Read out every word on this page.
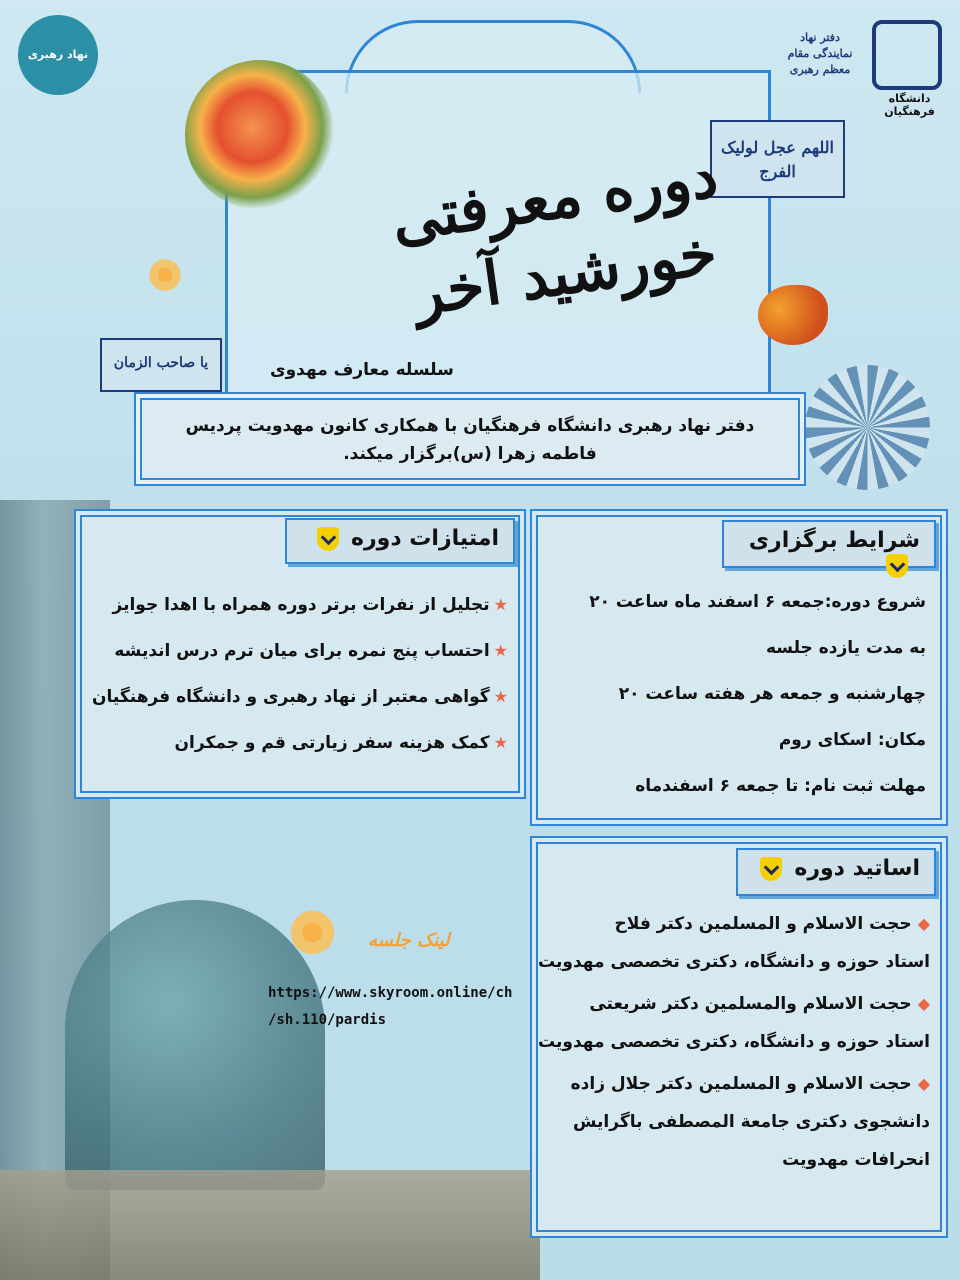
نهاد رهبری
دفتر نهاد نمایندگی مقام معظم رهبری
دانشگاه فرهنگیان
اللهم عجل لولیک الفرج
یا صاحب الزمان
دوره معرفتی خورشید آخر
سلسله معارف مهدوی
دفتر نهاد رهبری دانشگاه فرهنگیان با همکاری کانون مهدویت پردیس
فاطمه زهرا (س)برگزار میکند.
شروع دوره:جمعه ۶ اسفند ماه ساعت ۲۰
به مدت یازده جلسه
چهارشنبه و جمعه هر هفته ساعت ۲۰
مکان: اسکای روم
مهلت ثبت نام: تا جمعه ۶ اسفندماه
شرایط برگزاری
★تجلیل از نفرات برتر دوره همراه با اهدا جوایز
★احتساب پنج نمره برای میان ترم درس اندیشه
★گواهی معتبر از نهاد رهبری و دانشگاه فرهنگیان
★کمک هزینه سفر زیارتی قم و جمکران
امتیازات دوره
◆حجت الاسلام و المسلمین دکتر فلاح
استاد حوزه و دانشگاه، دکتری تخصصی مهدویت
◆حجت الاسلام والمسلمین دکتر شریعتی
استاد حوزه و دانشگاه، دکتری تخصصی مهدویت
◆حجت الاسلام و المسلمین دکتر جلال زاده
دانشجوی دکتری جامعة المصطفی باگرایش
انحرافات مهدویت
اساتید دوره
لینک جلسه
https://www.skyroom.online/ch
/sh.110/pardis
